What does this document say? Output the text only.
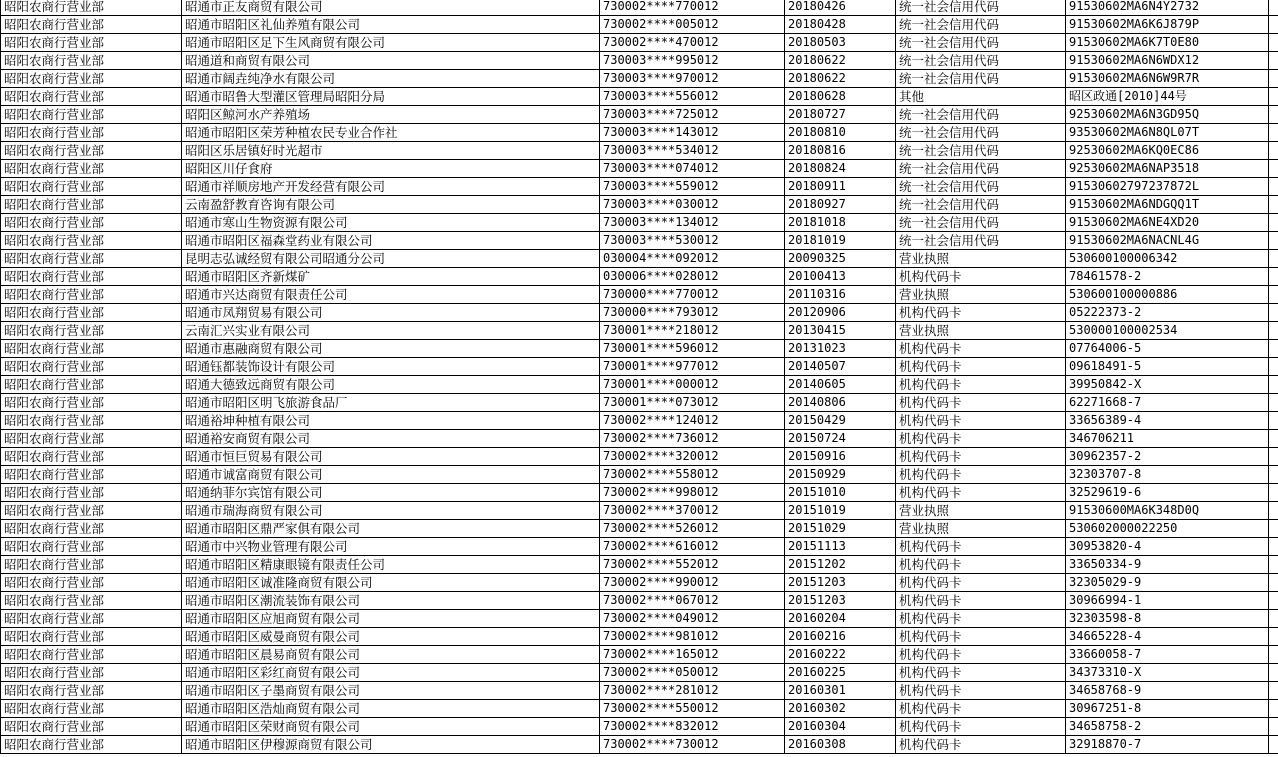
昭阳农商行营业部	昭通市正友商贸有限公司	730002****770012	20180426	统一社会信用代码	91530602MA6N4Y2732	
昭阳农商行营业部	昭通市昭阳区礼仙养殖有限公司	730002****005012	20180428	统一社会信用代码	91530602MA6K6J879P	
昭阳农商行营业部	昭通市昭阳区足下生风商贸有限公司	730002****470012	20180503	统一社会信用代码	91530602MA6K7T0E80	
昭阳农商行营业部	昭通道和商贸有限公司	730003****995012	20180622	统一社会信用代码	91530602MA6N6WDX12	
昭阳农商行营业部	昭通市阔垚纯净水有限公司	730003****970012	20180622	统一社会信用代码	91530602MA6N6W9R7R	
昭阳农商行营业部	昭通市昭鲁大型灌区管理局昭阳分局	730003****556012	20180628	其他	昭区政通[2010]44号	
昭阳农商行营业部	昭阳区鲸河水产养殖场	730003****725012	20180727	统一社会信用代码	92530602MA6N3GD95Q	
昭阳农商行营业部	昭通市昭阳区荣芳种植农民专业合作社	730003****143012	20180810	统一社会信用代码	93530602MA6N8QL07T	
昭阳农商行营业部	昭阳区乐居镇好时光超市	730003****534012	20180816	统一社会信用代码	92530602MA6KQ0EC86	
昭阳农商行营业部	昭阳区川仔食府	730003****074012	20180824	统一社会信用代码	92530602MA6NAP3518	
昭阳农商行营业部	昭通市祥顺房地产开发经营有限公司	730003****559012	20180911	统一社会信用代码	91530602797237872L	
昭阳农商行营业部	云南盈舒教育咨询有限公司	730003****030012	20180927	统一社会信用代码	91530602MA6NDGQQ1T	
昭阳农商行营业部	昭通市寒山生物资源有限公司	730003****134012	20181018	统一社会信用代码	91530602MA6NE4XD20	
昭阳农商行营业部	昭通市昭阳区福森堂药业有限公司	730003****530012	20181019	统一社会信用代码	91530602MA6NACNL4G	
昭阳农商行营业部	昆明志弘诚经贸有限公司昭通分公司	030004****092012	20090325	营业执照	530600100006342	
昭阳农商行营业部	昭通市昭阳区齐新煤矿	030006****028012	20100413	机构代码卡	78461578-2	
昭阳农商行营业部	昭通市兴达商贸有限责任公司	730000****770012	20110316	营业执照	530600100000886	
昭阳农商行营业部	昭通市凤翔贸易有限公司	730000****793012	20120906	机构代码卡	05222373-2	
昭阳农商行营业部	云南汇兴实业有限公司	730001****218012	20130415	营业执照	530000100002534	
昭阳农商行营业部	昭通市惠融商贸有限公司	730001****596012	20131023	机构代码卡	07764006-5	
昭阳农商行营业部	昭通钰都装饰设计有限公司	730001****977012	20140507	机构代码卡	09618491-5	
昭阳农商行营业部	昭通大德致远商贸有限公司	730001****000012	20140605	机构代码卡	39950842-X	
昭阳农商行营业部	昭通市昭阳区明飞旅游食品厂	730001****073012	20140806	机构代码卡	62271668-7	
昭阳农商行营业部	昭通裕坤种植有限公司	730002****124012	20150429	机构代码卡	33656389-4	
昭阳农商行营业部	昭通裕安商贸有限公司	730002****736012	20150724	机构代码卡	346706211	
昭阳农商行营业部	昭通市恒巨贸易有限公司	730002****320012	20150916	机构代码卡	30962357-2	
昭阳农商行营业部	昭通市诚富商贸有限公司	730002****558012	20150929	机构代码卡	32303707-8	
昭阳农商行营业部	昭通纳菲尔宾馆有限公司	730002****998012	20151010	机构代码卡	32529619-6	
昭阳农商行营业部	昭通市瑞海商贸有限公司	730002****370012	20151019	营业执照	91530600MA6K348D0Q	
昭阳农商行营业部	昭通市昭阳区鼎严家俱有限公司	730002****526012	20151029	营业执照	530602000022250	
昭阳农商行营业部	昭通市中兴物业管理有限公司	730002****616012	20151113	机构代码卡	30953820-4	
昭阳农商行营业部	昭通市昭阳区精康眼镜有限责任公司	730002****552012	20151202	机构代码卡	33650334-9	
昭阳农商行营业部	昭通市昭阳区诚准隆商贸有限公司	730002****990012	20151203	机构代码卡	32305029-9	
昭阳农商行营业部	昭通市昭阳区潮流装饰有限公司	730002****067012	20151203	机构代码卡	30966994-1	
昭阳农商行营业部	昭通市昭阳区应旭商贸有限公司	730002****049012	20160204	机构代码卡	32303598-8	
昭阳农商行营业部	昭通市昭阳区威曼商贸有限公司	730002****981012	20160216	机构代码卡	34665228-4	
昭阳农商行营业部	昭通市昭阳区晨易商贸有限公司	730002****165012	20160222	机构代码卡	33660058-7	
昭阳农商行营业部	昭通市昭阳区彩红商贸有限公司	730002****050012	20160225	机构代码卡	34373310-X	
昭阳农商行营业部	昭通市昭阳区子墨商贸有限公司	730002****281012	20160301	机构代码卡	34658768-9	
昭阳农商行营业部	昭通市昭阳区浩灿商贸有限公司	730002****550012	20160302	机构代码卡	30967251-8	
昭阳农商行营业部	昭通市昭阳区荣财商贸有限公司	730002****832012	20160304	机构代码卡	34658758-2	
昭阳农商行营业部	昭通市昭阳区伊穆源商贸有限公司	730002****730012	20160308	机构代码卡	32918870-7	
